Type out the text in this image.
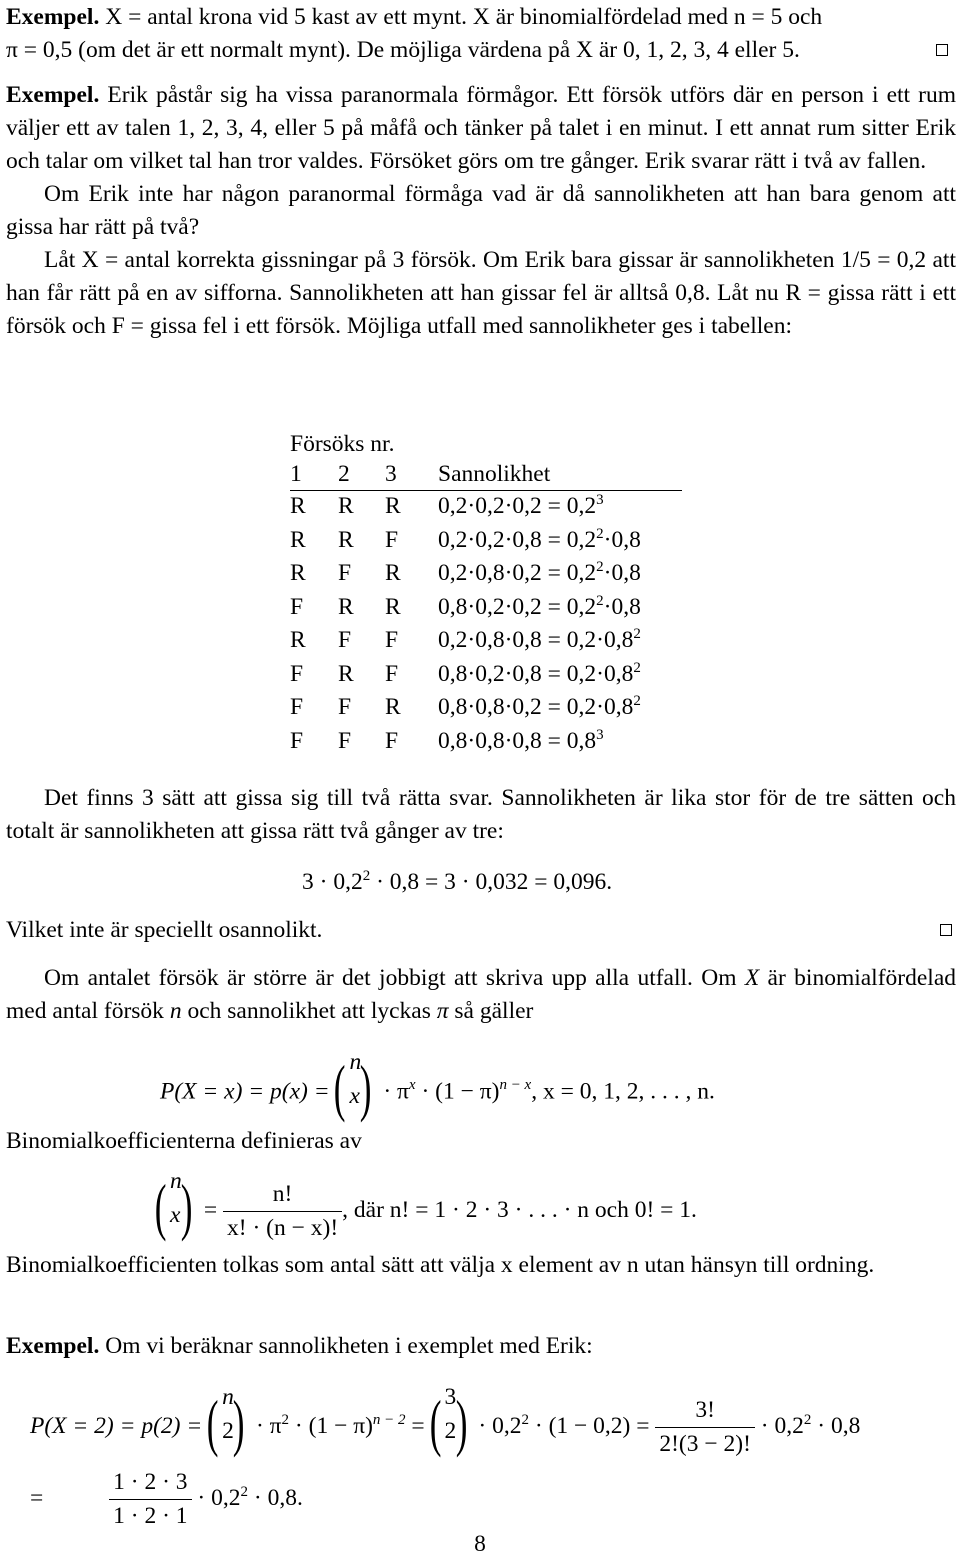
Exempel. X = antal krona vid 5 kast av ett mynt. X är binomialfördelad med n = 5 och
π = 0,5 (om det är ett normalt mynt). De möjliga värdena på X är 0, 1, 2, 3, 4 eller 5.
Exempel. Erik påstår sig ha vissa paranormala förmågor. Ett försök utförs där en person i ett rum väljer ett av talen 1, 2, 3, 4, eller 5 på måfå och tänker på talet i en minut. I ett annat rum sitter Erik och talar om vilket tal han tror valdes. Försöket görs om tre gånger. Erik svarar rätt i två av fallen.
Om Erik inte har någon paranormal förmåga vad är då sannolikheten att han bara genom att gissa har rätt på två?
Låt X = antal korrekta gissningar på 3 försök. Om Erik bara gissar är sannolikheten 1/5 = 0,2 att han får rätt på en av sifforna. Sannolikheten att han gissar fel är alltså 0,8. Låt nu R = gissa rätt i ett försök och F = gissa fel i ett försök. Möjliga utfall med sannolikheter ges i tabellen:
Försöks nr.
1 2 3 Sannolikhet
R R R $0,2\cdot 0,2\cdot 0,2 = 0,2^3$
R R F $0,2\cdot 0,2\cdot 0,8 = 0,2^2\cdot 0,8$
R F R $0,2\cdot 0,8\cdot 0,2 = 0,2^2\cdot 0,8$
F R R $0,8\cdot 0,2\cdot 0,2 = 0,2^2\cdot 0,8$
R F F $0,2\cdot 0,8\cdot 0,8 = 0,2\cdot 0,8^2$
F R F $0,8\cdot 0,2\cdot 0,8 = 0,2\cdot 0,8^2$
F F R $0,8\cdot 0,8\cdot 0,2 = 0,2\cdot 0,8^2$
F F F $0,8\cdot 0,8\cdot 0,8 = 0,8^3$
Det finns 3 sätt att gissa sig till två rätta svar. Sannolikheten är lika stor för de tre sätten och totalt är sannolikheten att gissa rätt två gånger av tre:
$3 \cdot 0,2^2 \cdot 0,8 = 3 \cdot 0,032 = 0,096$.
Vilket inte är speciellt osannolikt.
Om antalet försök är större är det jobbigt att skriva upp alla utfall. Om X är binomialfördelad med antal försök n och sannolikhet att lyckas π så gäller
P(X = x) = p(x) = ( n
x ) · $\pi^x \cdot (1 - \pi)^{n - x}$, x = 0, 1, 2, . . . , n.
Binomialkoefficienterna definieras av
( n
x ) = $\frac{n!}{x! \cdot (n - x)!}$ , där n! = 1 · 2 · 3 · . . . · n och 0! = 1.
Binomialkoefficienten tolkas som antal sätt att välja x element av n utan hänsyn till ordning.
Exempel. Om vi beräknar sannolikheten i exemplet med Erik:
P(X = 2) = p(2) = ( n
2 ) · $\pi^2 \cdot (1 - \pi)^{n - 2}$ = ( 3
2 ) · $0,2^2 \cdot (1 - 0,2) = \frac{3!}{2!(3 - 2)!} \cdot 0,2^2 \cdot 0,8$
=	$\frac{1 \cdot 2 \cdot 3}{1 \cdot 2 \cdot 1} \cdot 0,2^2 \cdot 0,8$.
8
